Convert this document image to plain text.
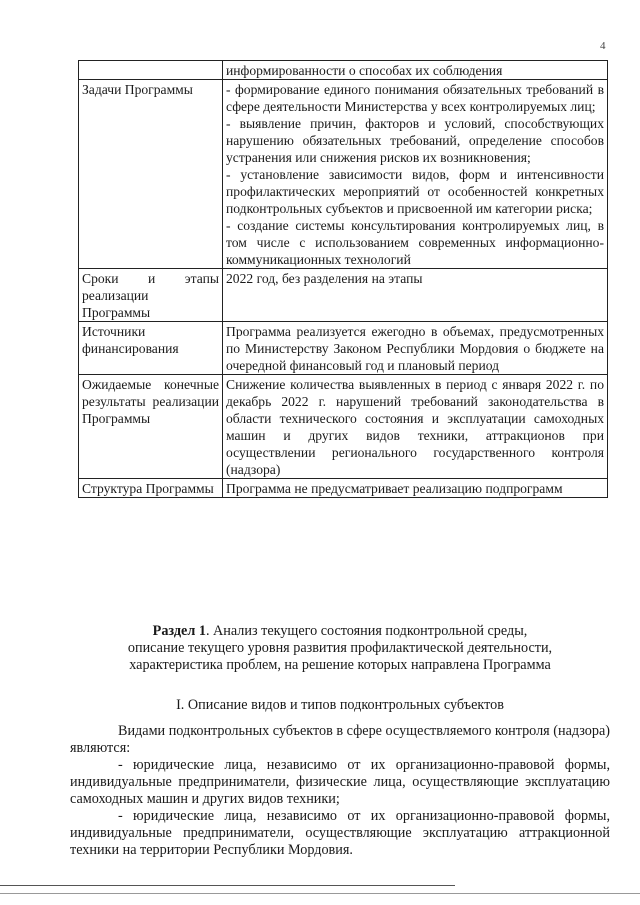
4

	информированности о способах их соблюдения

Задачи Программы	- формирование единого понимания обязательных требований в сфере деятельности Министерства у всех контролируемых лиц;

- выявление причин, факторов и условий, способствующих нарушению обязательных требований, определение способов устранения или снижения рисков их возникновения;

- установление зависимости видов, форм и интенсивности профилактических мероприятий от особенностей конкретных подконтрольных субъектов и присвоенной им категории риска;

- создание системы консультирования контролируемых лиц, в том числе с использованием современных информационно-коммуникационных технологий

Сроки и этапы реализации Программы	2022 год, без разделения на этапы

Источники финансирования	Программа реализуется ежегодно в объемах, предусмотренных по Министерству Законом Республики Мордовия о бюджете на очередной финансовый год и плановый период

Ожидаемые конечные результаты реализации Программы	Снижение количества выявленных в период с января 2022 г. по декабрь 2022 г. нарушений требований законодательства в области технического состояния и эксплуатации самоходных машин и других видов техники, аттракционов при осуществлении регионального государственного контроля (надзора)

Структура Программы	Программа не предусматривает реализацию подпрограмм

Раздел 1. Анализ текущего состояния подконтрольной среды,
описание текущего уровня развития профилактической деятельности,
характеристика проблем, на решение которых направлена Программа
I. Описание видов и типов подконтрольных субъектов

Видами подконтрольных субъектов в сфере осуществляемого контроля (надзора) являются:

- юридические лица, независимо от их организационно-правовой формы, индивидуальные предприниматели, физические лица, осуществляющие эксплуатацию самоходных машин и других видов техники;

- юридические лица, независимо от их организационно-правовой формы, индивидуальные предприниматели, осуществляющие эксплуатацию аттракционной техники на территории Республики Мордовия.
